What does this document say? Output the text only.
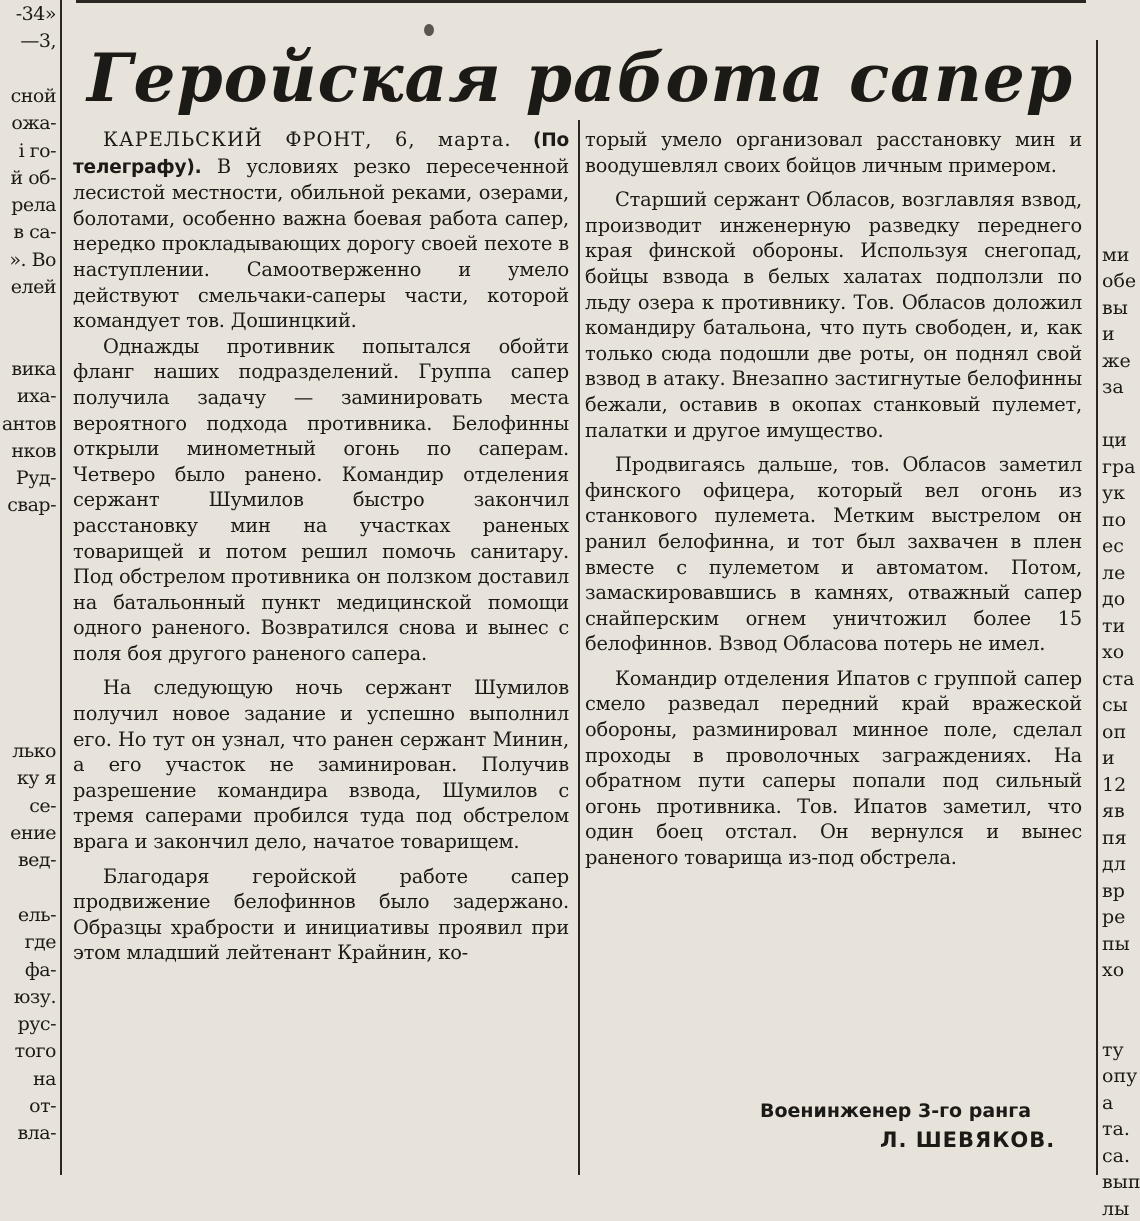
-34»
—3,
сной
ожа-
і го-
й об-
рела
в са-
». Во
елей
вика
иха-
антов
нков
Руд-
свар-
лько
ку я
се-
ение
вед-
ель-
где
фа-
юзу.
рус-
того
на
от-
вла-
ми
обе
вы
и
же
за
ци
гра
ук
по
ес
ле
до
ти
хо
ста
сы
оп
и
12
яв
пя
дл
вр
ре
пы
хо
ту
опу
а
та.
са.
вып
лы
Геройская работа сапер

КАРЕЛЬСКИЙ ФРОНТ, 6, марта. (По телеграфу). В условиях резко пересеченной лесистой местности, обильной реками, озерами, болотами, особенно важна боевая работа сапер, нередко прокладывающих дорогу своей пехоте в наступлении. Самоотверженно и умело действуют смельчаки-саперы части, которой командует тов. Дошинцкий.

Однажды противник попытался обойти фланг наших подразделений. Группа сапер получила задачу — заминировать места вероятного подхода противника. Белофинны открыли минометный огонь по саперам. Четверо было ранено. Командир отделения сержант Шумилов быстро закончил расстановку мин на участках раненых товарищей и потом решил помочь санитару. Под обстрелом противника он ползком доставил на батальонный пункт медицинской помощи одного раненого. Возвратился снова и вынес с поля боя другого раненого сапера.

На следующую ночь сержант Шумилов получил новое задание и успешно выполнил его. Но тут он узнал, что ранен сержант Минин, а его участок не заминирован. Получив разрешение командира взвода, Шумилов с тремя саперами пробился туда под обстрелом врага и закончил дело, начатое товарищем.

Благодаря геройской работе сапер продвижение белофиннов было задержано. Образцы храбрости и инициативы проявил при этом младший лейтенант Крайнин, ко-

торый умело организовал расстановку мин и воодушевлял своих бойцов личным примером.

Старший сержант Обласов, возглавляя взвод, производит инженерную разведку переднего края финской обороны. Используя снегопад, бойцы взвода в белых халатах подползли по льду озера к противнику. Тов. Обласов доложил командиру батальона, что путь свободен, и, как только сюда подошли две роты, он поднял свой взвод в атаку. Внезапно застигнутые белофинны бежали, оставив в окопах станковый пулемет, палатки и другое имущество.

Продвигаясь дальше, тов. Обласов заметил финского офицера, который вел огонь из станкового пулемета. Метким выстрелом он ранил белофинна, и тот был захвачен в плен вместе с пулеметом и автоматом. Потом, замаскировавшись в камнях, отважный сапер снайперским огнем уничтожил более 15 белофиннов. Взвод Обласова потерь не имел.

Командир отделения Ипатов с группой сапер смело разведал передний край вражеской обороны, разминировал минное поле, сделал проходы в проволочных заграждениях. На обратном пути саперы попали под сильный огонь противника. Тов. Ипатов заметил, что один боец отстал. Он вернулся и вынес раненого товарища из-под обстрела.

Военинженер 3-го ранга
Л. ШЕВЯКОВ.
